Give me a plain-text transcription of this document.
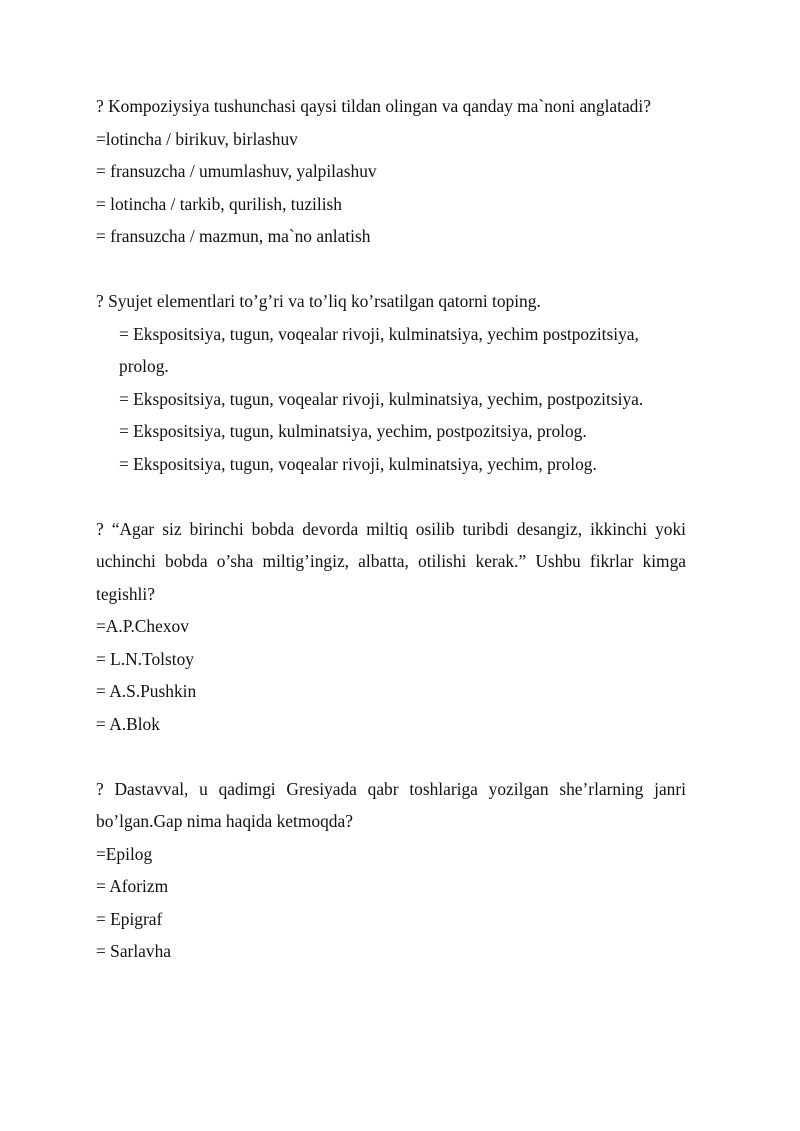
? Kompoziysiya tushunchasi qaysi tildan olingan va qanday ma`noni anglatadi?

=lotincha / birikuv, birlashuv
= fransuzcha / umumlashuv, yalpilashuv
= lotincha / tarkib, qurilish, tuzilish
= fransuzcha / mazmun, ma`no anlatish

? Syujet elementlari to’g’ri va to’liq ko’rsatilgan qatorni toping.

= Ekspositsiya, tugun, voqealar rivoji, kulminatsiya, yechim postpozitsiya, prolog.
= Ekspositsiya, tugun, voqealar rivoji, kulminatsiya, yechim, postpozitsiya.
= Ekspositsiya, tugun, kulminatsiya, yechim, postpozitsiya, prolog.
= Ekspositsiya, tugun, voqealar rivoji, kulminatsiya, yechim, prolog.

? “Agar siz birinchi bobda devorda miltiq osilib turibdi desangiz, ikkinchi yoki uchinchi bobda o’sha miltig’ingiz, albatta, otilishi kerak.” Ushbu fikrlar kimga tegishli?

=A.P.Chexov
= L.N.Tolstoy
= A.S.Pushkin
= A.Blok

? Dastavval, u qadimgi Gresiyada qabr toshlariga yozilgan she’rlarning janri bo’lgan.Gap nima haqida ketmoqda?

=Epilog
= Aforizm
= Epigraf
= Sarlavha
